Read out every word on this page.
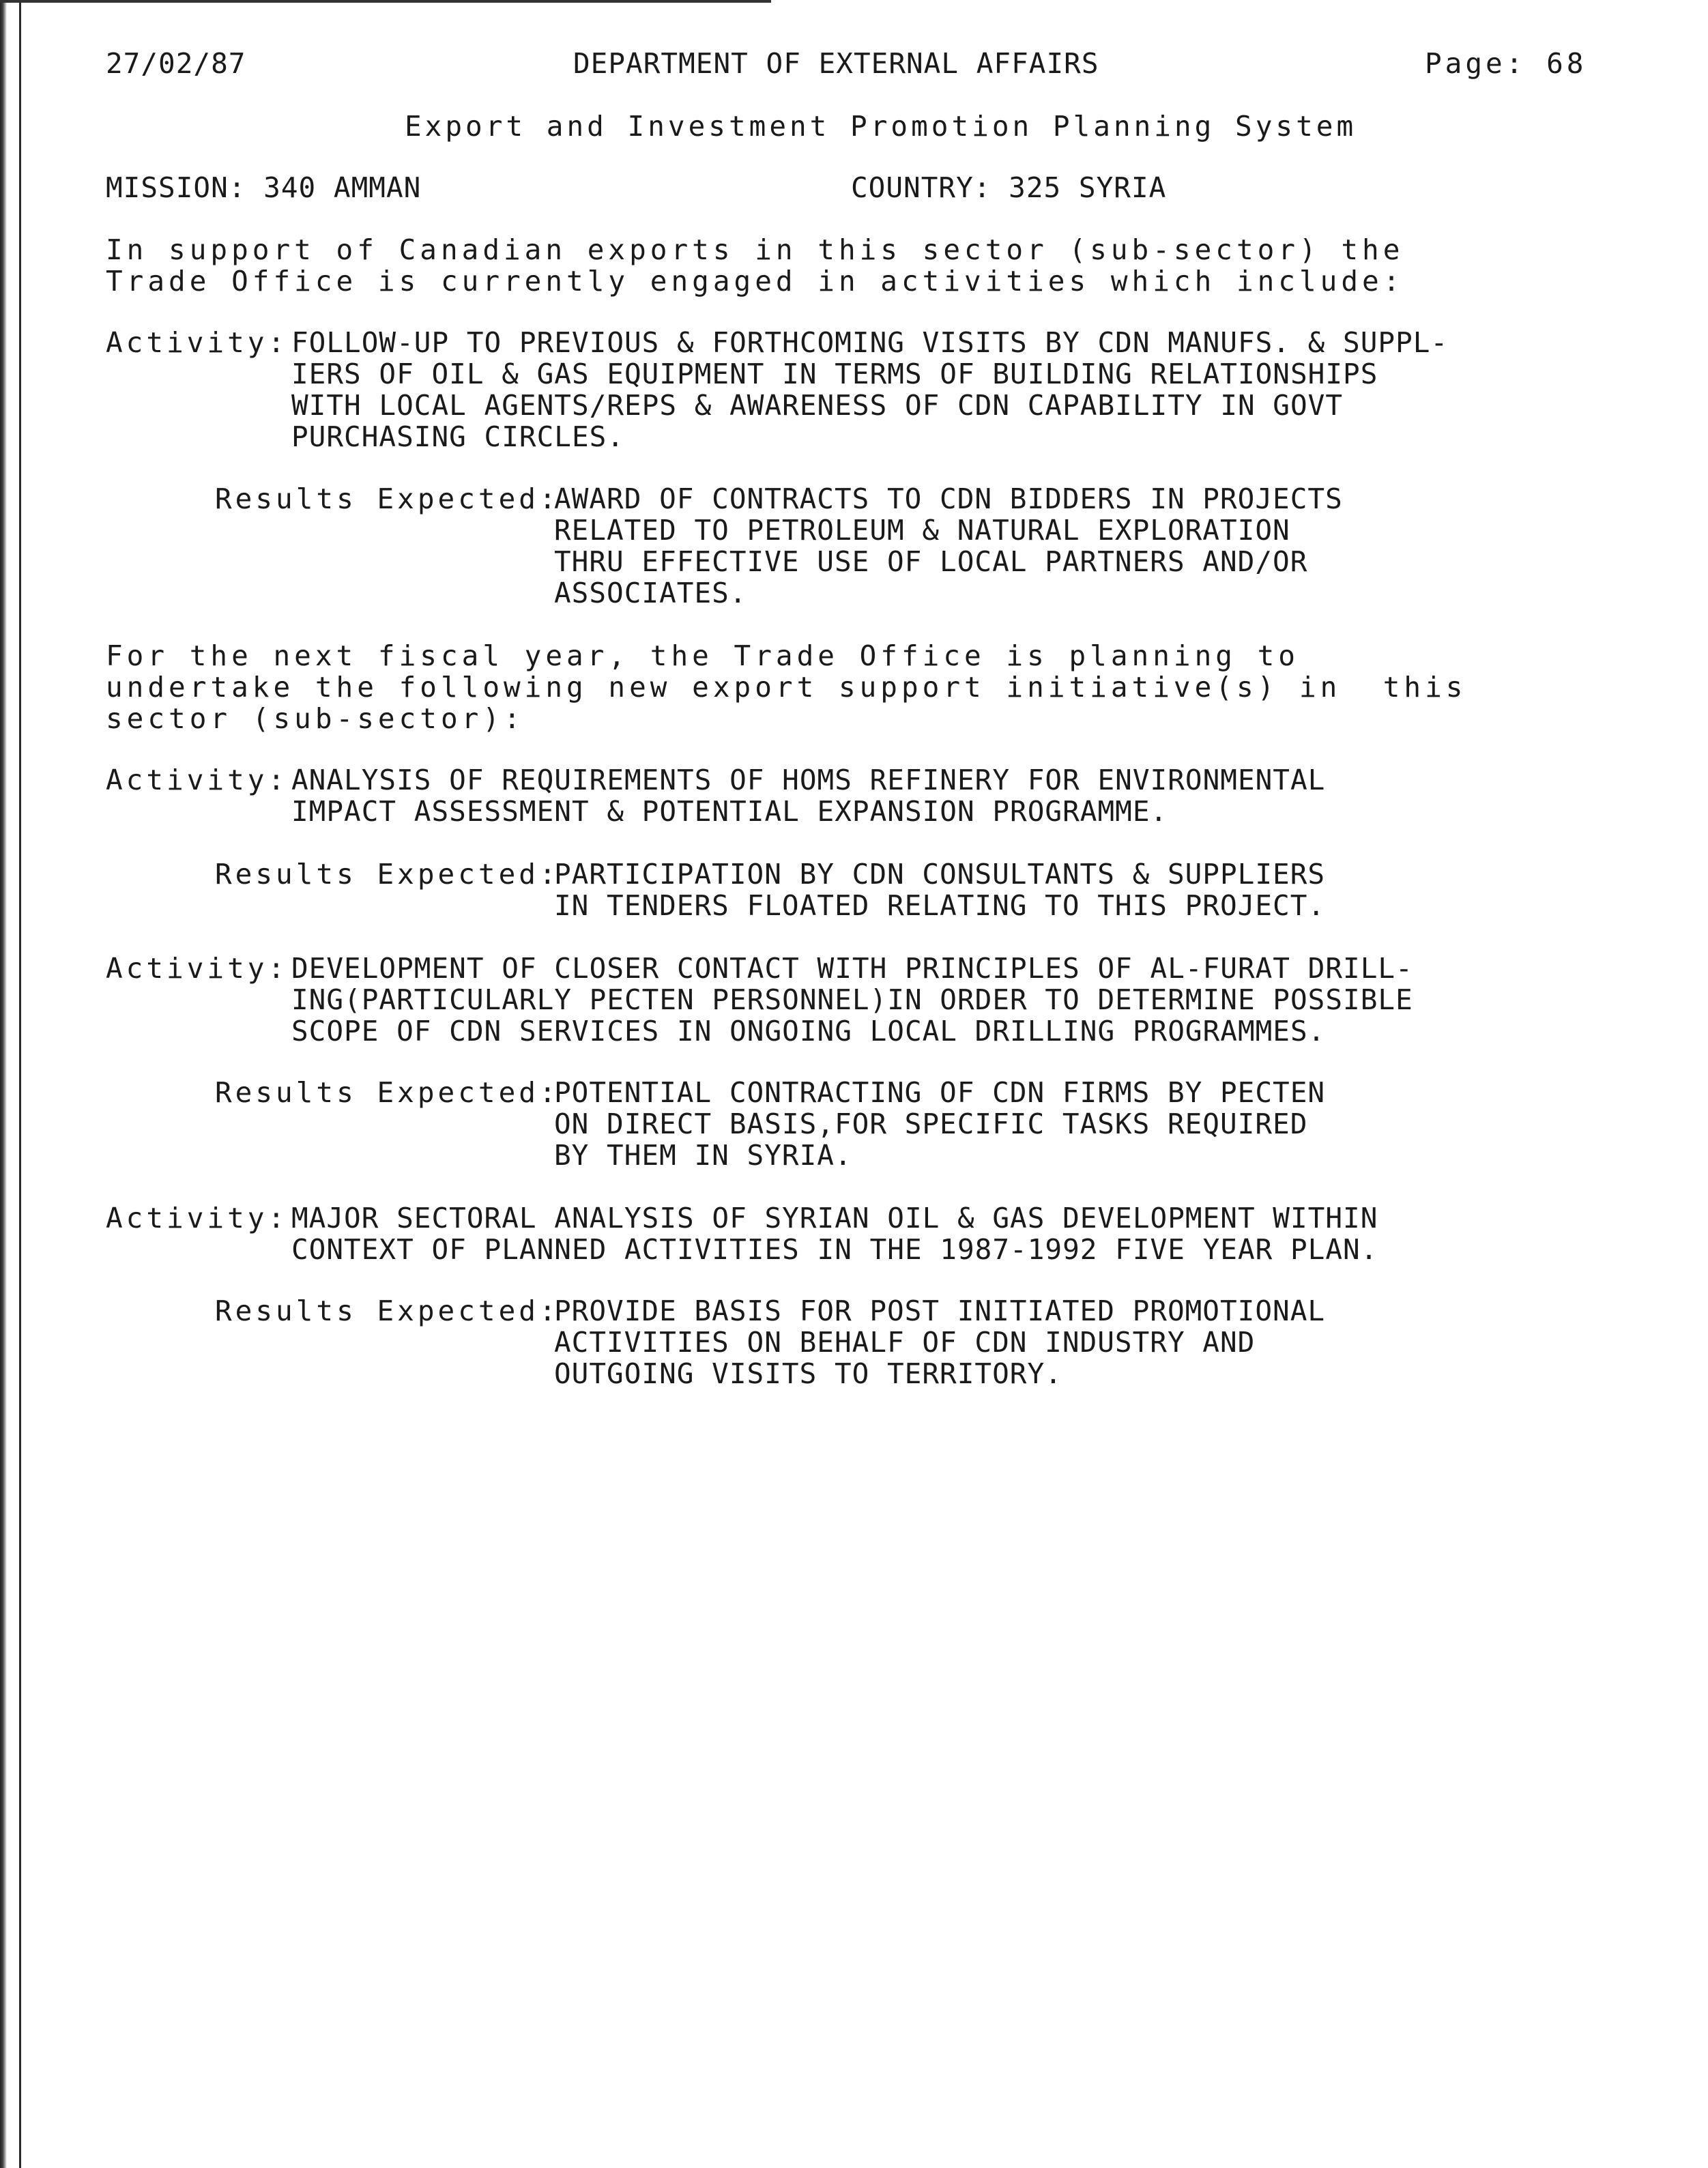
27/02/87	DEPARTMENT OF EXTERNAL AFFAIRS	Page: 68
Export and Investment Promotion Planning System
MISSION: 340 AMMAN	COUNTRY: 325 SYRIA
In support of Canadian exports in this sector (sub-sector) the
Trade Office is currently engaged in activities which include:
Activity: FOLLOW-UP TO PREVIOUS & FORTHCOMING VISITS BY CDN MANUFS. & SUPPL-
IERS OF OIL & GAS EQUIPMENT IN TERMS OF BUILDING RELATIONSHIPS
WITH LOCAL AGENTS/REPS & AWARENESS OF CDN CAPABILITY IN GOVT
PURCHASING CIRCLES.
Results Expected:
AWARD OF CONTRACTS TO CDN BIDDERS IN PROJECTS
RELATED TO PETROLEUM & NATURAL EXPLORATION
THRU EFFECTIVE USE OF LOCAL PARTNERS AND/OR
ASSOCIATES.
For the next fiscal year, the Trade Office is planning to
undertake the following new export support initiative(s) in  this
sector (sub-sector):
Activity: ANALYSIS OF REQUIREMENTS OF HOMS REFINERY FOR ENVIRONMENTAL
IMPACT ASSESSMENT & POTENTIAL EXPANSION PROGRAMME.
Results Expected:
PARTICIPATION BY CDN CONSULTANTS & SUPPLIERS
IN TENDERS FLOATED RELATING TO THIS PROJECT.
Activity: DEVELOPMENT OF CLOSER CONTACT WITH PRINCIPLES OF AL-FURAT DRILL-
ING(PARTICULARLY PECTEN PERSONNEL)IN ORDER TO DETERMINE POSSIBLE
SCOPE OF CDN SERVICES IN ONGOING LOCAL DRILLING PROGRAMMES.
Results Expected:
POTENTIAL CONTRACTING OF CDN FIRMS BY PECTEN
ON DIRECT BASIS,FOR SPECIFIC TASKS REQUIRED
BY THEM IN SYRIA.
Activity: MAJOR SECTORAL ANALYSIS OF SYRIAN OIL & GAS DEVELOPMENT WITHIN
CONTEXT OF PLANNED ACTIVITIES IN THE 1987-1992 FIVE YEAR PLAN.
Results Expected:
PROVIDE BASIS FOR POST INITIATED PROMOTIONAL
ACTIVITIES ON BEHALF OF CDN INDUSTRY AND
OUTGOING VISITS TO TERRITORY.
